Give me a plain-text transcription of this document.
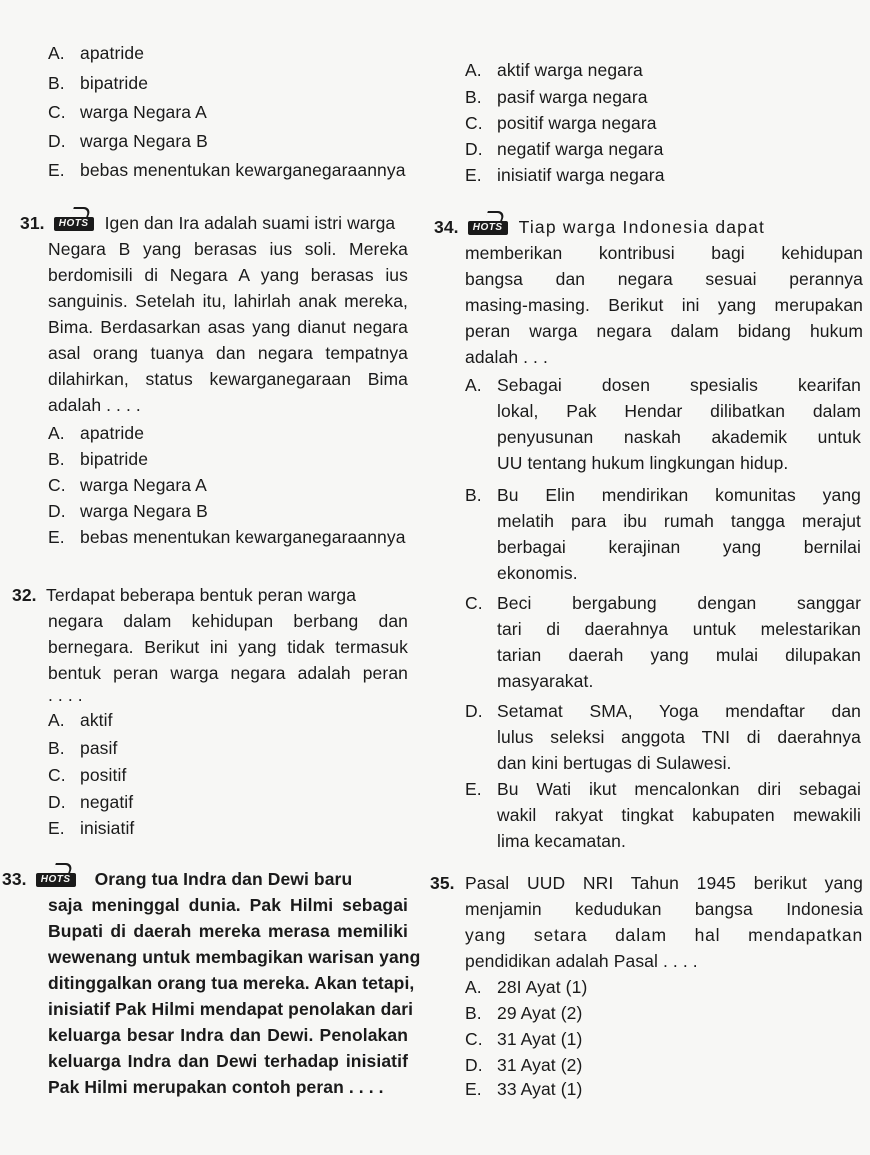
A. apatride
B. bipatride
C. warga Negara A
D. warga Negara B
E. bebas menentukan kewarganegaraannya
31.	HOTS Igen dan Ira adalah suami istri warga
Negara B yang berasas ius soli. Mereka
berdomisili di Negara A yang berasas ius
sanguinis. Setelah itu, lahirlah anak mereka,
Bima. Berdasarkan asas yang dianut negara
asal orang tuanya dan negara tempatnya
dilahirkan, status kewarganegaraan Bima
adalah . . . .
A. apatride
B. bipatride
C. warga Negara A
D. warga Negara B
E. bebas menentukan kewarganegaraannya
32. Terdapat beberapa bentuk peran warga
negara dalam kehidupan berbang dan
bernegara. Berikut ini yang tidak termasuk
bentuk peran warga negara adalah peran
. . . .
A. aktif
B. pasif
C. positif
D. negatif
E. inisiatif
33.	HOTS Orang tua Indra dan Dewi baru
saja meninggal dunia. Pak Hilmi sebagai
Bupati di daerah mereka merasa memiliki
wewenang untuk membagikan warisan yang
ditinggalkan orang tua mereka. Akan tetapi,
inisiatif Pak Hilmi mendapat penolakan dari
keluarga besar Indra dan Dewi. Penolakan
keluarga Indra dan Dewi terhadap inisiatif
Pak Hilmi merupakan contoh peran . . . .
A. aktif warga negara
B. pasif warga negara
C. positif warga negara
D. negatif warga negara
E. inisiatif warga negara
34.	HOTS Tiap warga Indonesia dapat
memberikan kontribusi bagi kehidupan
bangsa dan negara sesuai perannya
masing-masing. Berikut ini yang merupakan
peran warga negara dalam bidang hukum
adalah . . .
A. Sebagai dosen spesialis kearifan
lokal, Pak Hendar dilibatkan dalam
penyusunan naskah akademik untuk
UU tentang hukum lingkungan hidup.
B. Bu Elin mendirikan komunitas yang
melatih para ibu rumah tangga merajut
berbagai kerajinan yang bernilai
ekonomis.
C. Beci bergabung dengan sanggar
tari di daerahnya untuk melestarikan
tarian daerah yang mulai dilupakan
masyarakat.
D. Setamat SMA, Yoga mendaftar dan
lulus seleksi anggota TNI di daerahnya
dan kini bertugas di Sulawesi.
E. Bu Wati ikut mencalonkan diri sebagai
wakil rakyat tingkat kabupaten mewakili
lima kecamatan.
35. Pasal UUD NRI Tahun 1945 berikut yang
menjamin kedudukan bangsa Indonesia
yang setara dalam hal mendapatkan
pendidikan adalah Pasal . . . .
A. 28I Ayat (1)
B. 29 Ayat (2)
C. 31 Ayat (1)
D. 31 Ayat (2)
E. 33 Ayat (1)
